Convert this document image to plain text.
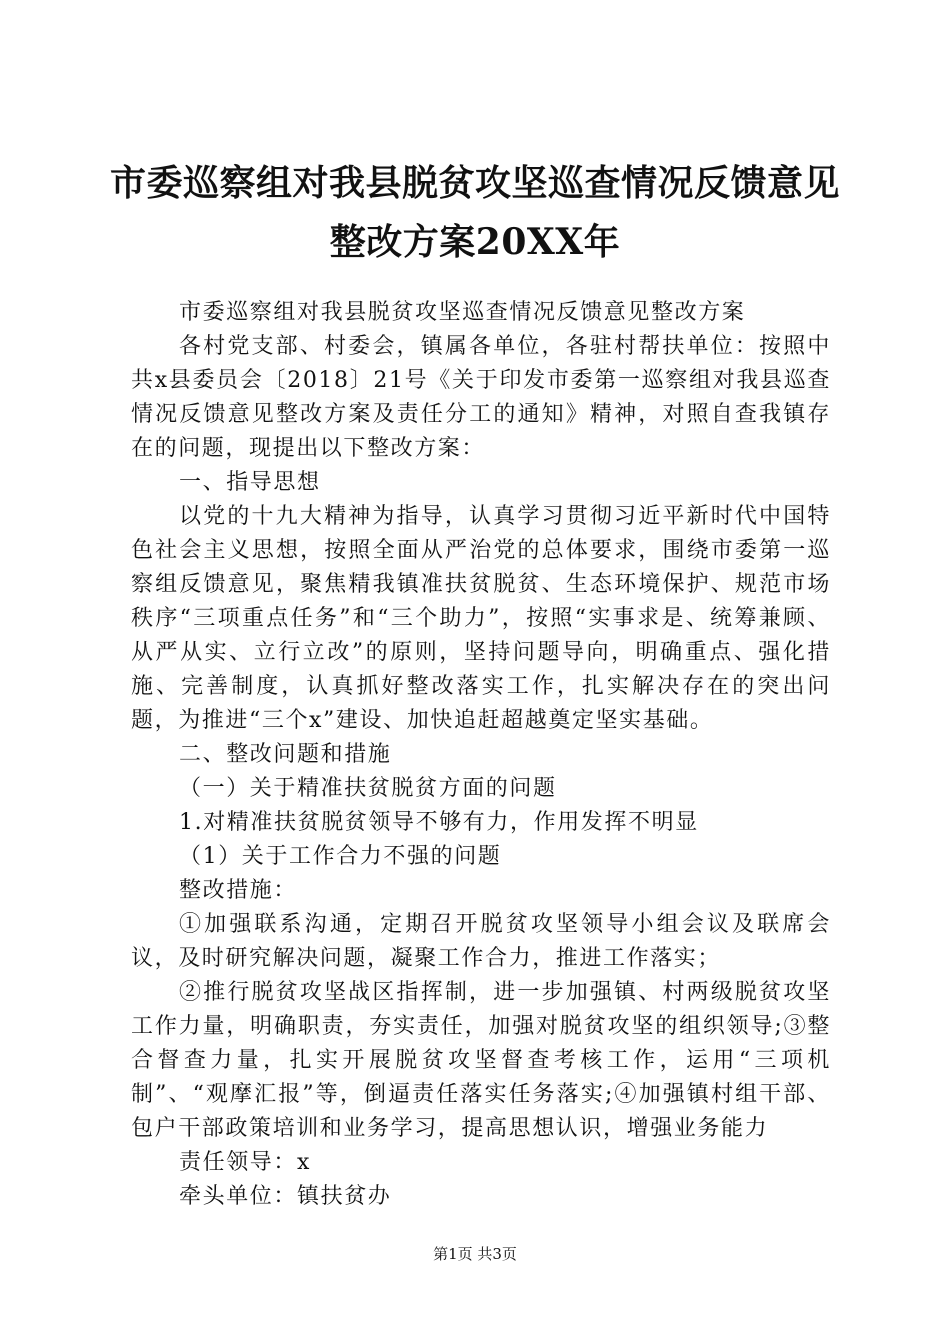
市委巡察组对我县脱贫攻坚巡查情况反馈意见
整改方案20XX年

市委巡察组对我县脱贫攻坚巡查情况反馈意见整改方案

各村党支部、村委会，镇属各单位，各驻村帮扶单位：按照中共x县委员会〔2018〕21号《关于印发市委第一巡察组对我县巡查情况反馈意见整改方案及责任分工的通知》精神，对照自查我镇存在的问题，现提出以下整改方案：

一、指导思想

以党的十九大精神为指导，认真学习贯彻习近平新时代中国特色社会主义思想，按照全面从严治党的总体要求，围绕市委第一巡察组反馈意见，聚焦精我镇准扶贫脱贫、生态环境保护、规范市场秩序“三项重点任务”和“三个助力”，按照“实事求是、统筹兼顾、从严从实、立行立改”的原则，坚持问题导向，明确重点、强化措施、完善制度，认真抓好整改落实工作，扎实解决存在的突出问题，为推进“三个x”建设、加快追赶超越奠定坚实基础。

二、整改问题和措施

（一）关于精准扶贫脱贫方面的问题

1.对精准扶贫脱贫领导不够有力，作用发挥不明显

（1）关于工作合力不强的问题

整改措施：

①加强联系沟通，定期召开脱贫攻坚领导小组会议及联席会议，及时研究解决问题，凝聚工作合力，推进工作落实；

②推行脱贫攻坚战区指挥制，进一步加强镇、村两级脱贫攻坚工作力量，明确职责，夯实责任，加强对脱贫攻坚的组织领导;③整合督查力量，扎实开展脱贫攻坚督查考核工作，运用“三项机制”、“观摩汇报”等，倒逼责任落实任务落实;④加强镇村组干部、包户干部政策培训和业务学习，提高思想认识，增强业务能力

责任领导：x

牵头单位：镇扶贫办

第1页 共3页
